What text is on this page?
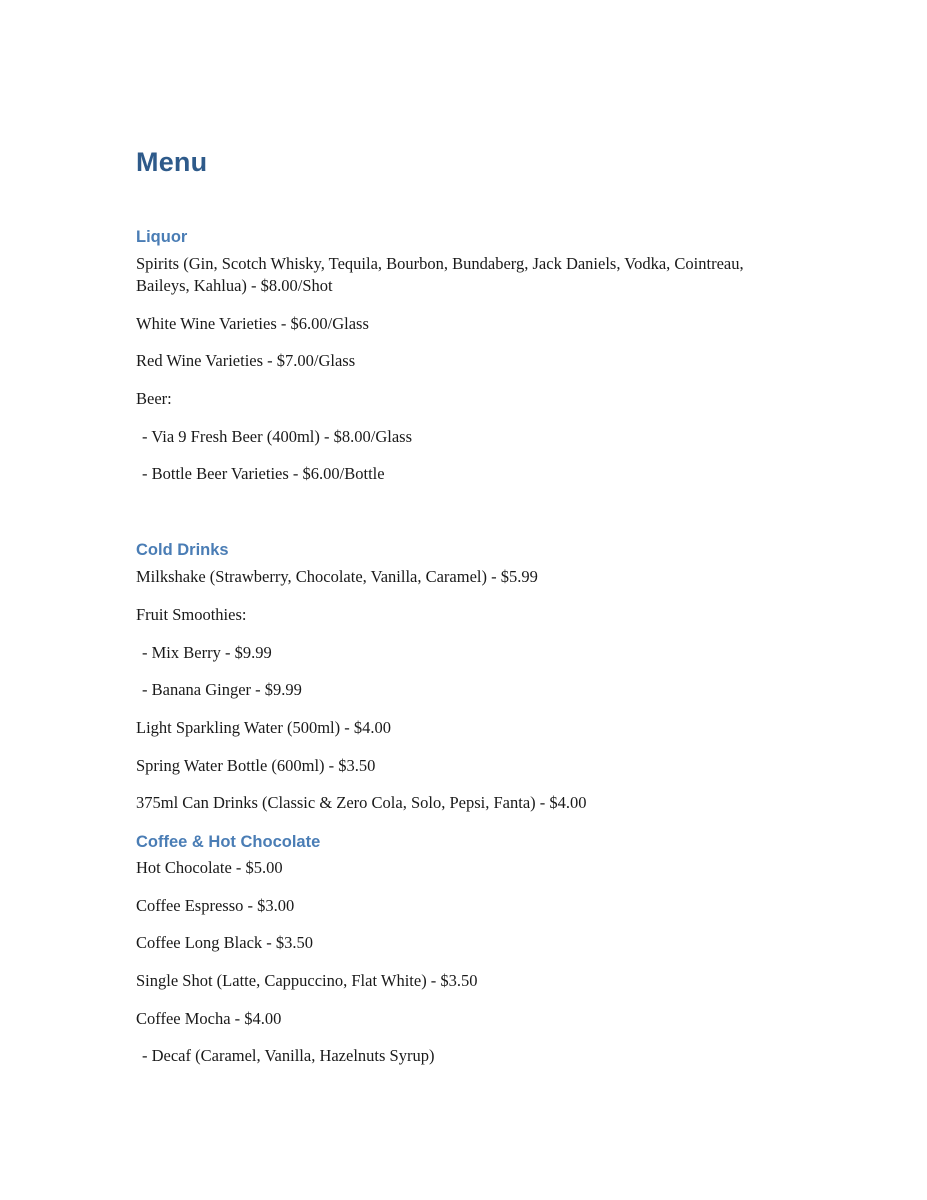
Menu
Liquor

Spirits (Gin, Scotch Whisky, Tequila, Bourbon, Bundaberg, Jack Daniels, Vodka, Cointreau,

Baileys, Kahlua) - $8.00/Shot

White Wine Varieties - $6.00/Glass

Red Wine Varieties - $7.00/Glass

Beer:

- Via 9 Fresh Beer (400ml) - $8.00/Glass

- Bottle Beer Varieties - $6.00/Bottle

Cold Drinks

Milkshake (Strawberry, Chocolate, Vanilla, Caramel) - $5.99

Fruit Smoothies:

- Mix Berry - $9.99

- Banana Ginger - $9.99

Light Sparkling Water (500ml) - $4.00

Spring Water Bottle (600ml) - $3.50

375ml Can Drinks (Classic & Zero Cola, Solo, Pepsi, Fanta) - $4.00

Coffee & Hot Chocolate

Hot Chocolate - $5.00

Coffee Espresso - $3.00

Coffee Long Black - $3.50

Single Shot (Latte, Cappuccino, Flat White) - $3.50

Coffee Mocha - $4.00

- Decaf (Caramel, Vanilla, Hazelnuts Syrup)
